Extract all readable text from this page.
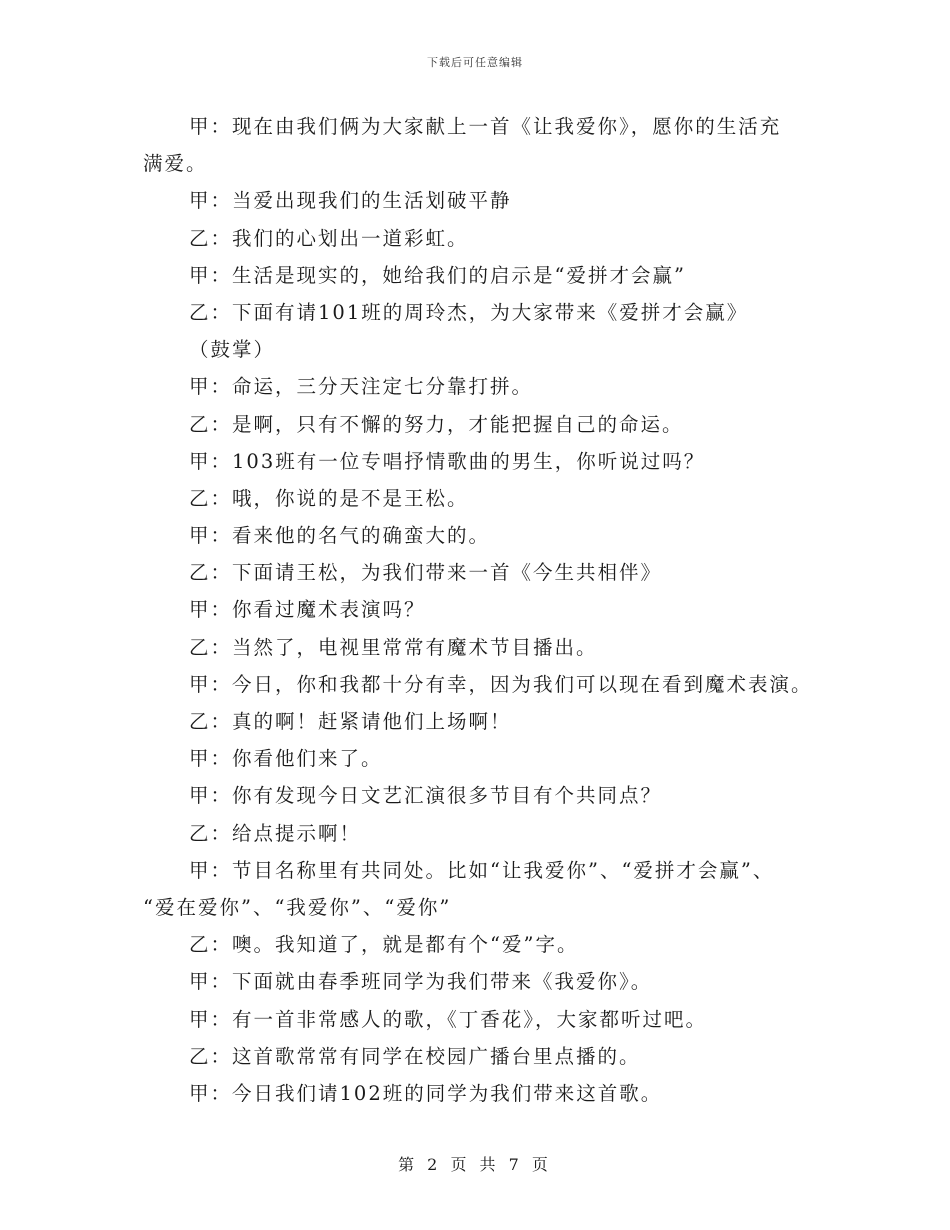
下载后可任意编辑
甲：现在由我们俩为大家献上一首《让我爱你》，愿你的生活充
满爱。
甲：当爱出现我们的生活划破平静
乙：我们的心划出一道彩虹。
甲：生活是现实的，她给我们的启示是“爱拼才会赢”
乙：下面有请101班的周玲杰，为大家带来《爱拼才会赢》
（鼓掌）
甲：命运，三分天注定七分靠打拼。
乙：是啊，只有不懈的努力，才能把握自己的命运。
甲：103班有一位专唱抒情歌曲的男生，你听说过吗？
乙：哦，你说的是不是王松。
甲：看来他的名气的确蛮大的。
乙：下面请王松，为我们带来一首《今生共相伴》
甲：你看过魔术表演吗？
乙：当然了，电视里常常有魔术节目播出。
甲：今日，你和我都十分有幸，因为我们可以现在看到魔术表演。
乙：真的啊！赶紧请他们上场啊！
甲：你看他们来了。
甲：你有发现今日文艺汇演很多节目有个共同点？
乙：给点提示啊！
甲：节目名称里有共同处。比如“让我爱你”、“爱拼才会赢”、
“爱在爱你”、“我爱你”、“爱你”
乙：噢。我知道了，就是都有个“爱”字。
甲：下面就由春季班同学为我们带来《我爱你》。
甲：有一首非常感人的歌，《丁香花》，大家都听过吧。
乙：这首歌常常有同学在校园广播台里点播的。
甲：今日我们请102班的同学为我们带来这首歌。
第 2 页 共 7 页
